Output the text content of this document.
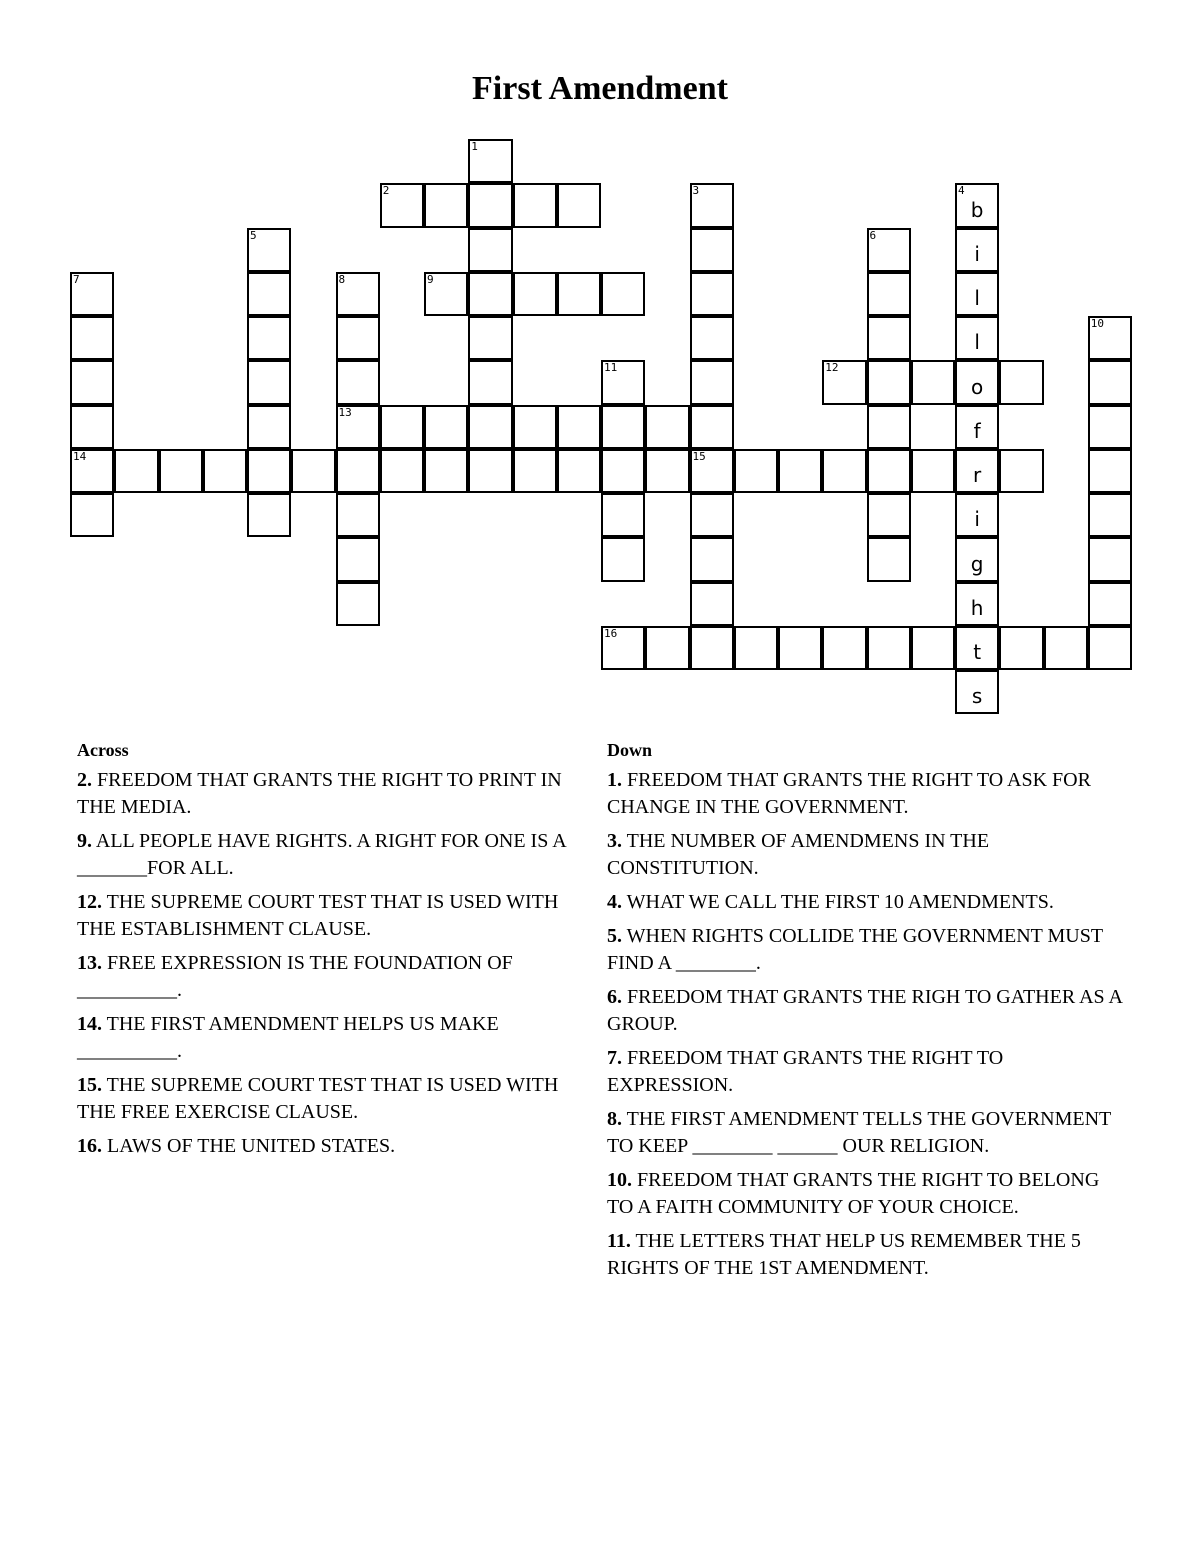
First Amendment
1
2	3
15
4
b
i
l
l
o
f
r
i
g
h
t
s
5	6
7
14
8
13
9
10
11	12
16
Across
2. FREEDOM THAT GRANTS THE RIGHT TO PRINT IN THE MEDIA.
9. ALL PEOPLE HAVE RIGHTS. A RIGHT FOR ONE IS A _______FOR ALL.
12. THE SUPREME COURT TEST THAT IS USED WITH THE ESTABLISHMENT CLAUSE.
13. FREE EXPRESSION IS THE FOUNDATION OF __________.
14. THE FIRST AMENDMENT HELPS US MAKE __________.
15. THE SUPREME COURT TEST THAT IS USED WITH THE FREE EXERCISE CLAUSE.
16. LAWS OF THE UNITED STATES.
Down
1. FREEDOM THAT GRANTS THE RIGHT TO ASK FOR CHANGE IN THE GOVERNMENT.
3. THE NUMBER OF AMENDMENS IN THE CONSTITUTION.
4. WHAT WE CALL THE FIRST 10 AMENDMENTS.
5. WHEN RIGHTS COLLIDE THE GOVERNMENT MUST FIND A ________.
6. FREEDOM THAT GRANTS THE RIGH TO GATHER AS A GROUP.
7. FREEDOM THAT GRANTS THE RIGHT TO EXPRESSION.
8. THE FIRST AMENDMENT TELLS THE GOVERNMENT TO KEEP ________ ______ OUR RELIGION.
10. FREEDOM THAT GRANTS THE RIGHT TO BELONG TO A FAITH COMMUNITY OF YOUR CHOICE.
11. THE LETTERS THAT HELP US REMEMBER THE 5 RIGHTS OF THE 1ST AMENDMENT.
